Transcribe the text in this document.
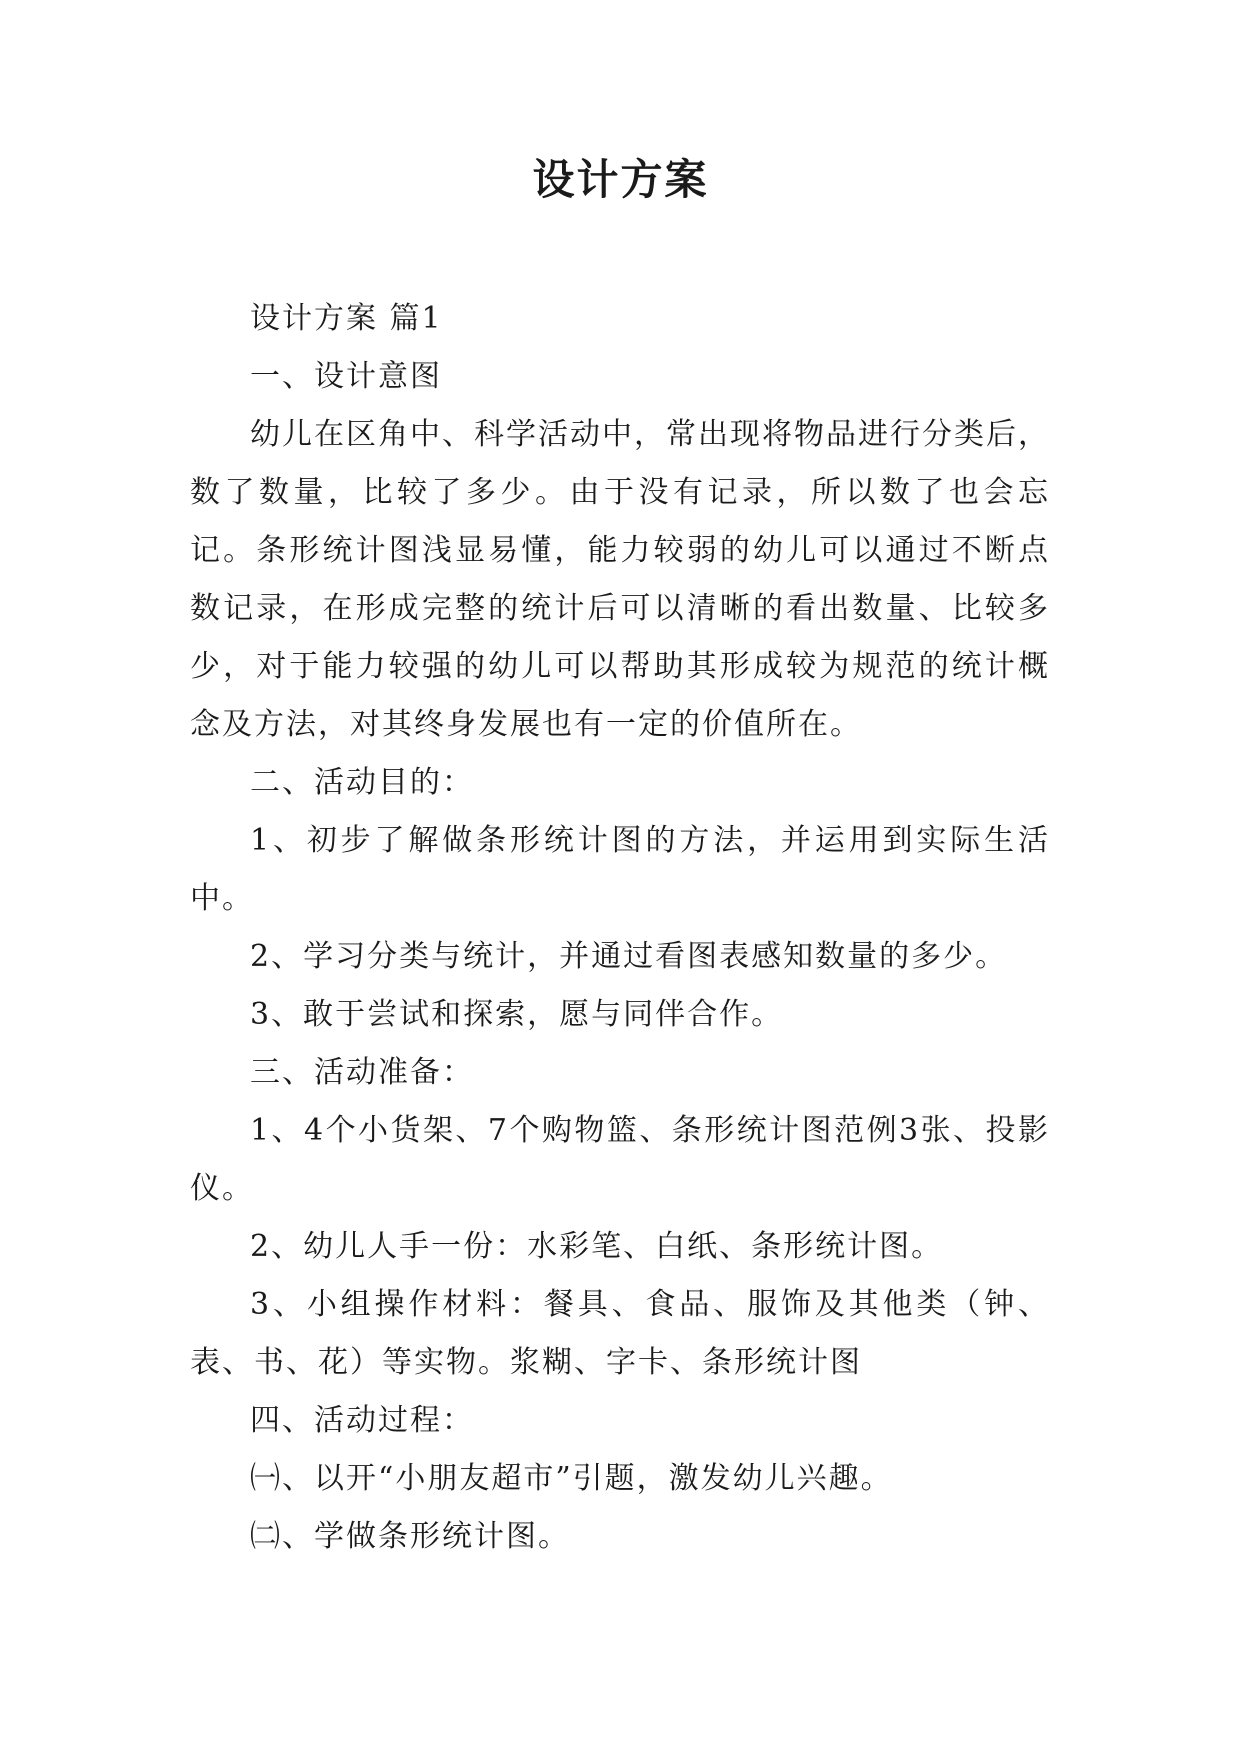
设计方案

设计方案 篇1

一、设计意图

幼儿在区角中、科学活动中，常出现将物品进行分类后，数了数量，比较了多少。由于没有记录，所以数了也会忘记。条形统计图浅显易懂，能力较弱的幼儿可以通过不断点数记录，在形成完整的统计后可以清晰的看出数量、比较多少，对于能力较强的幼儿可以帮助其形成较为规范的统计概念及方法，对其终身发展也有一定的价值所在。

二、活动目的：

1、初步了解做条形统计图的方法，并运用到实际生活中。

2、学习分类与统计，并通过看图表感知数量的多少。

3、敢于尝试和探索，愿与同伴合作。

三、活动准备：

1、4个小货架、7个购物篮、条形统计图范例3张、投影仪。

2、幼儿人手一份：水彩笔、白纸、条形统计图。

3、小组操作材料：餐具、食品、服饰及其他类（钟、表、书、花）等实物。浆糊、字卡、条形统计图

四、活动过程：

㈠、以开“小朋友超市”引题，激发幼儿兴趣。

㈡、学做条形统计图。
